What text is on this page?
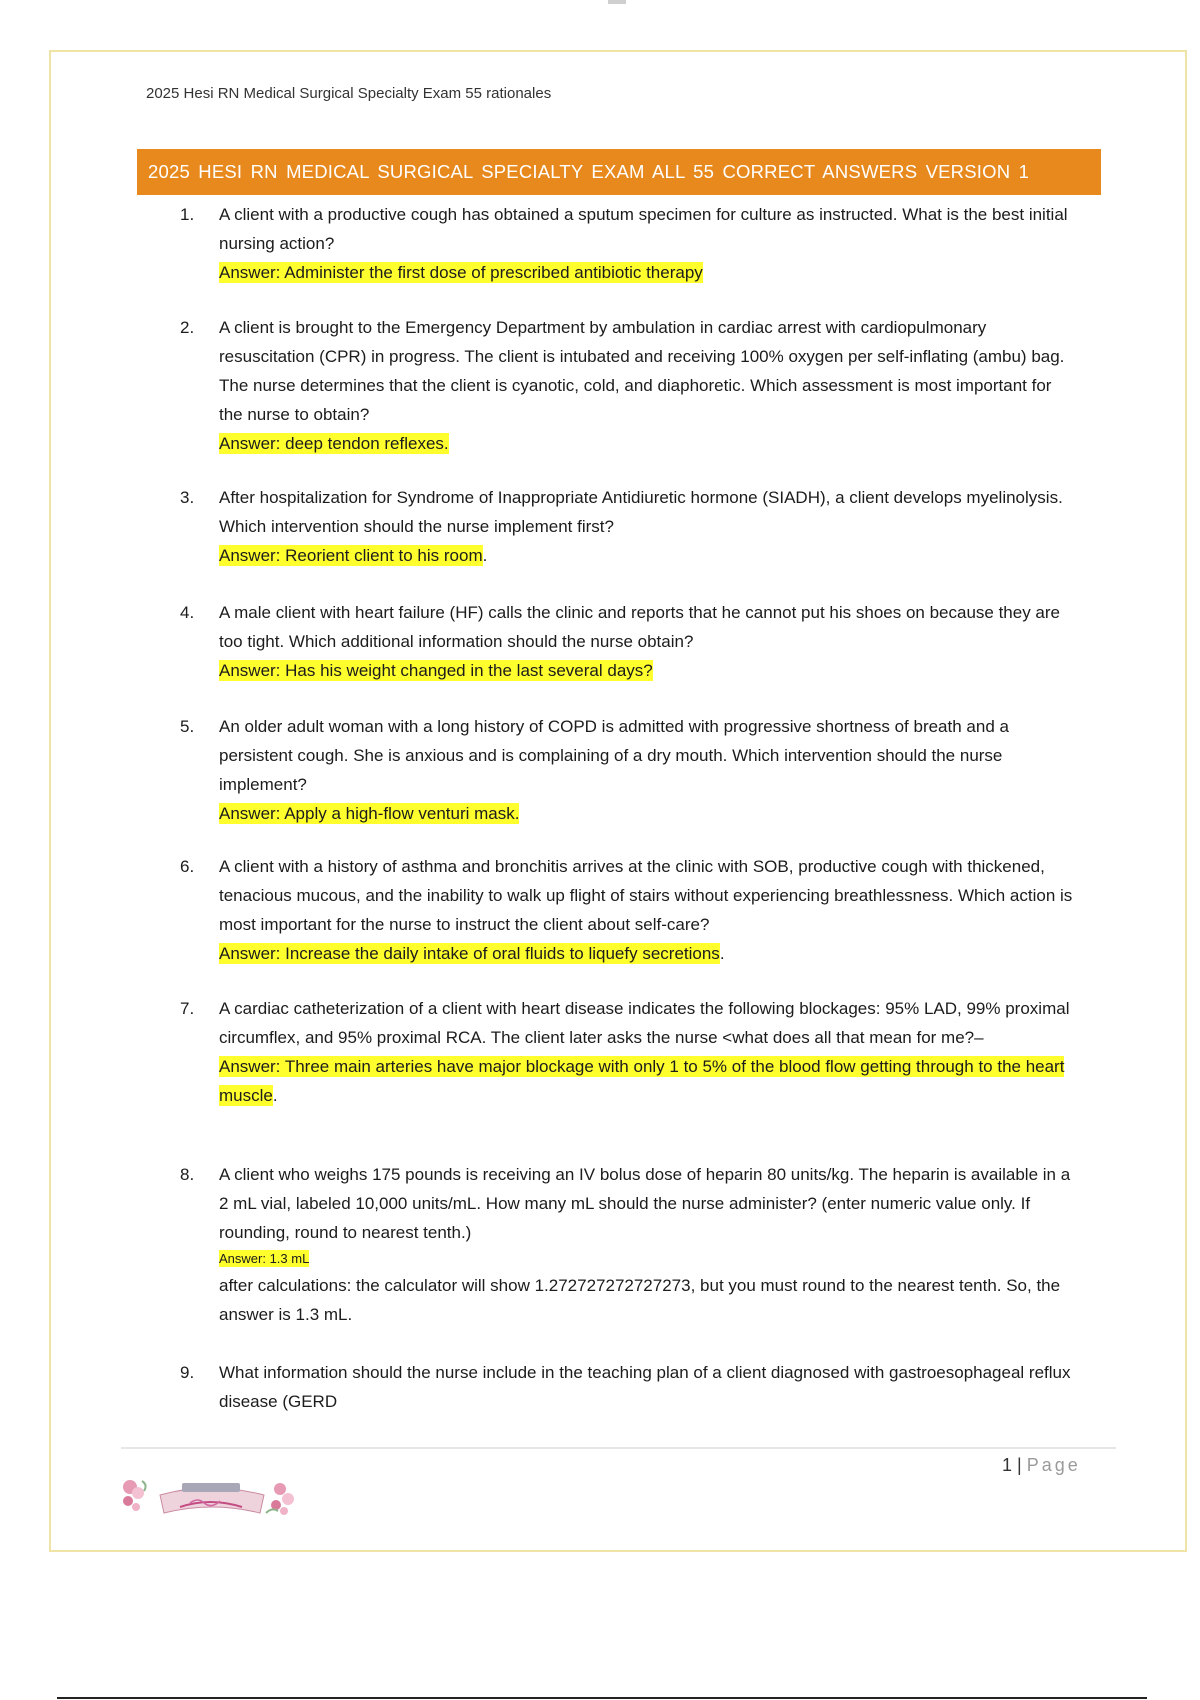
2025 Hesi RN Medical Surgical Specialty Exam 55 rationales
2025 HESI RN MEDICAL SURGICAL SPECIALTY EXAM ALL 55 CORRECT ANSWERS VERSION 1
1.	A client with a productive cough has obtained a sputum specimen for culture as instructed. What is the best initial nursing action?
Answer: Administer the first dose of prescribed antibiotic therapy
2.	A client is brought to the Emergency Department by ambulation in cardiac arrest with cardiopulmonary resuscitation (CPR) in progress. The client is intubated and receiving 100% oxygen per self-inflating (ambu) bag. The nurse determines that the client is cyanotic, cold, and diaphoretic. Which assessment is most important for the nurse to obtain?
Answer: deep tendon reflexes.
3.	After hospitalization for Syndrome of Inappropriate Antidiuretic hormone (SIADH), a client develops myelinolysis. Which intervention should the nurse implement first?
Answer: Reorient client to his room.
4.	A male client with heart failure (HF) calls the clinic and reports that he cannot put his shoes on because they are too tight. Which additional information should the nurse obtain?
Answer: Has his weight changed in the last several days?
5.	An older adult woman with a long history of COPD is admitted with progressive shortness of breath and a persistent cough. She is anxious and is complaining of a dry mouth. Which intervention should the nurse implement?
Answer: Apply a high-flow venturi mask.
6.	A client with a history of asthma and bronchitis arrives at the clinic with SOB, productive cough with thickened, tenacious mucous, and the inability to walk up flight of stairs without experiencing breathlessness. Which action is most important for the nurse to instruct the client about self-care?
Answer: Increase the daily intake of oral fluids to liquefy secretions.
7.	A cardiac catheterization of a client with heart disease indicates the following blockages: 95% LAD, 99% proximal circumflex, and 95% proximal RCA. The client later asks the nurse <what does all that mean for me?–
Answer: Three main arteries have major blockage with only 1 to 5% of the blood flow getting through to the heart muscle.
8.	A client who weighs 175 pounds is receiving an IV bolus dose of heparin 80 units/kg. The heparin is available in a 2 mL vial, labeled 10,000 units/mL. How many mL should the nurse administer? (enter numeric value only. If rounding, round to nearest tenth.)
Answer: 1.3 mL
after calculations: the calculator will show 1.272727272727273, but you must round to the nearest tenth. So, the answer is 1.3 mL.
9.	What information should the nurse include in the teaching plan of a client diagnosed with gastroesophageal reflux disease (GERD
1 | Page
